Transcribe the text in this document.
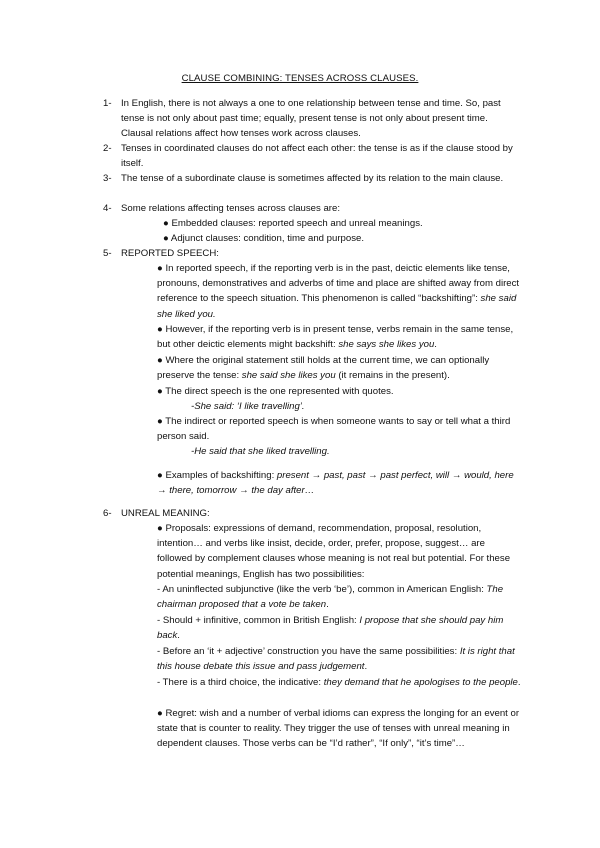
CLAUSE COMBINING: TENSES ACROSS CLAUSES.
1- In English, there is not always a one to one relationship between tense and time. So, past tense is not only about past time; equally, present tense is not only about present time. Clausal relations affect how tenses work across clauses.
2- Tenses in coordinated clauses do not affect each other: the tense is as if the clause stood by itself.
3- The tense of a subordinate clause is sometimes affected by its relation to the main clause.
4- Some relations affecting tenses across clauses are:
● Embedded clauses: reported speech and unreal meanings.
● Adjunct clauses: condition, time and purpose.
5- REPORTED SPEECH:
● In reported speech, if the reporting verb is in the past, deictic elements like tense, pronouns, demonstratives and adverbs of time and place are shifted away from direct reference to the speech situation. This phenomenon is called “backshifting”: she said she liked you.
● However, if the reporting verb is in present tense, verbs remain in the same tense, but other deictic elements might backshift: she says she likes you.
● Where the original statement still holds at the current time, we can optionally preserve the tense: she said she likes you (it remains in the present).
● The direct speech is the one represented with quotes.
-She said: ‘I like travelling’.
● The indirect or reported speech is when someone wants to say or tell what a third person said.
-He said that she liked travelling.
● Examples of backshifting: present → past, past → past perfect, will → would, here → there, tomorrow → the day after…
6- UNREAL MEANING:
● Proposals: expressions of demand, recommendation, proposal, resolution, intention… and verbs like insist, decide, order, prefer, propose, suggest… are followed by complement clauses whose meaning is not real but potential. For these potential meanings, English has two possibilities:
- An uninflected subjunctive (like the verb ‘be’), common in American English: The chairman proposed that a vote be taken.
- Should + infinitive, common in British English: I propose that she should pay him back.
- Before an ‘it + adjective’ construction you have the same possibilities: It is right that this house debate this issue and pass judgement.
- There is a third choice, the indicative: they demand that he apologises to the people.
● Regret: wish and a number of verbal idioms can express the longing for an event or state that is counter to reality. They trigger the use of tenses with unreal meaning in dependent clauses. Those verbs can be “I’d rather”, “If only”, “it’s time”…
